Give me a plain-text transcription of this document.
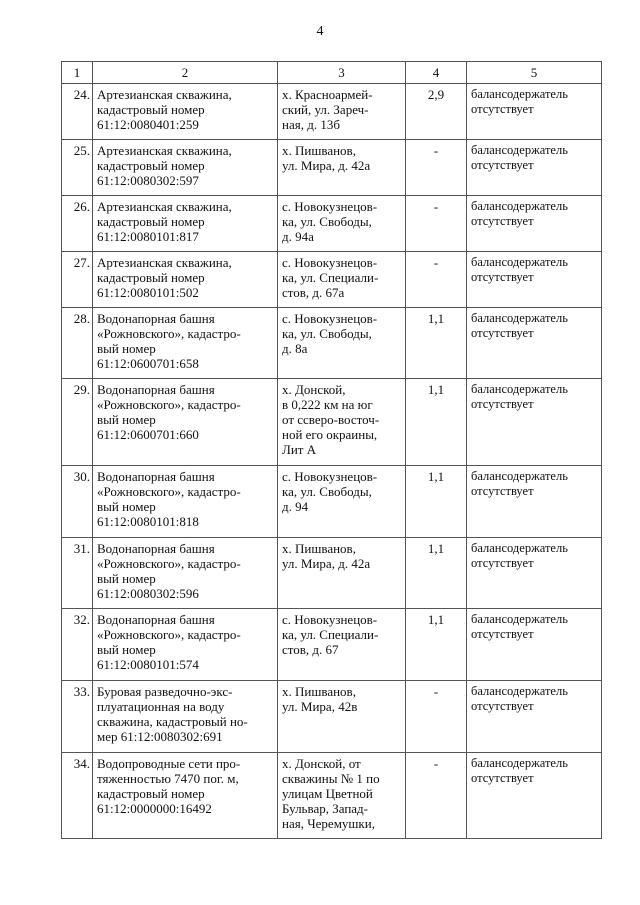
4
1	2	3	4	5
24.	Артезианская скважина,
кадастровый номер
61:12:0080401:259	х. Красноармей-
ский, ул. Зареч-
ная, д. 13б	2,9	балансодержатель
отсутствует
25.	Артезианская скважина,
кадастровый номер
61:12:0080302:597	х. Пишванов,
ул. Мира, д. 42а	-	балансодержатель
отсутствует
26.	Артезианская скважина,
кадастровый номер
61:12:0080101:817	с. Новокузнецов-
ка, ул. Свободы,
д. 94а	-	балансодержатель
отсутствует
27.	Артезианская скважина,
кадастровый номер
61:12:0080101:502	с. Новокузнецов-
ка, ул. Специали-
стов, д. 67а	-	балансодержатель
отсутствует
28.	Водонапорная башня
«Рожновского», кадастро-
вый номер
61:12:0600701:658	с. Новокузнецов-
ка, ул. Свободы,
д. 8а	1,1	балансодержатель
отсутствует
29.	Водонапорная башня
«Рожновского», кадастро-
вый номер
61:12:0600701:660	х. Донской,
в 0,222 км на юг
от ссверо-восточ-
ной его окраины,
Лит А	1,1	балансодержатель
отсутствует
30.	Водонапорная башня
«Рожновского», кадастро-
вый номер
61:12:0080101:818	с. Новокузнецов-
ка, ул. Свободы,
д. 94	1,1	балансодержатель
отсутствует
31.	Водонапорная башня
«Рожновского», кадастро-
вый номер
61:12:0080302:596	х. Пишванов,
ул. Мира, д. 42а	1,1	балансодержатель
отсутствует
32.	Водонапорная башня
«Рожновского», кадастро-
вый номер
61:12:0080101:574	с. Новокузнецов-
ка, ул. Специали-
стов, д. 67	1,1	балансодержатель
отсутствует
33.	Буровая разведочно-экс-
плуатационная на воду
скважина, кадастровый но-
мер 61:12:0080302:691	х. Пишванов,
ул. Мира, 42в	-	балансодержатель
отсутствует
34.	Водопроводные сети про-
тяженностью 7470 пог. м,
кадастровый номер
61:12:0000000:16492	х. Донской, от
скважины № 1 по
улицам Цветной
Бульвар, Запад-
ная, Черемушки,	-	балансодержатель
отсутствует
